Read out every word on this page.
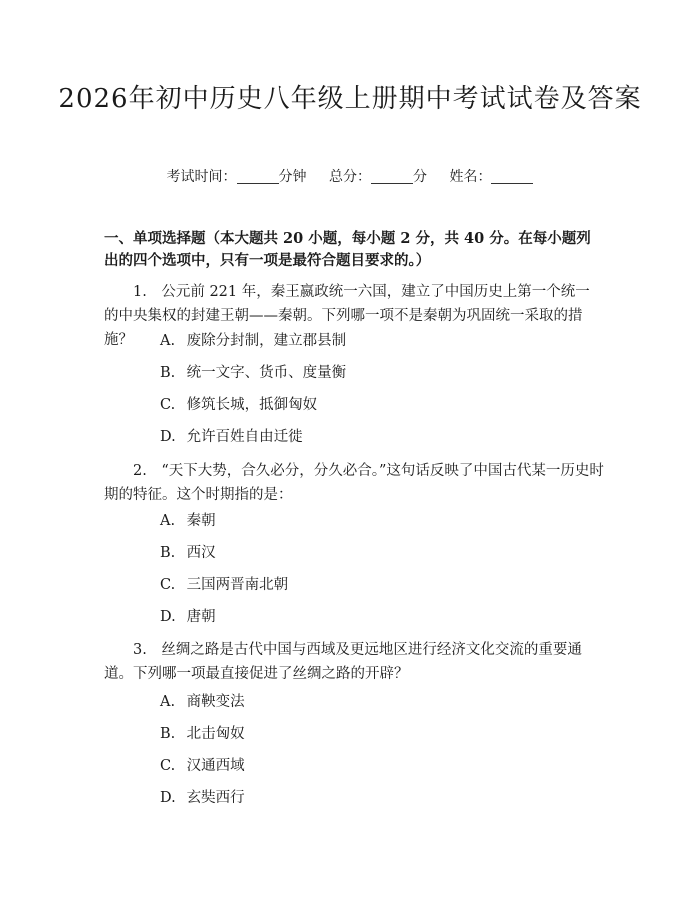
2026年初中历史八年级上册期中考试试卷及答案
考试时间：	分钟 总分：	分 姓名：
一、单项选择题（本大题共 20 小题，每小题 2 分，共 40 分。在每小题列出的四个选项中，只有一项是最符合题目要求的。）
1.　 公元前 221 年，秦王嬴政统一六国，建立了中国历史上第一个统一的中央集权的封建王朝——秦朝。下列哪一项不是秦朝为巩固统一采取的措施？	A. 废除分封制，建立郡县制
B. 统一文字、货币、度量衡
C. 修筑长城，抵御匈奴
D. 允许百姓自由迁徙
2.　 “天下大势，合久必分，分久必合。”这句话反映了中国古代某一历史时期的特征。这个时期指的是：
A. 秦朝
B. 西汉
C. 三国两晋南北朝
D. 唐朝
3.　 丝绸之路是古代中国与西域及更远地区进行经济文化交流的重要通道。下列哪一项最直接促进了丝绸之路的开辟？
A. 商鞅变法
B. 北击匈奴
C. 汉通西域
D. 玄奘西行
